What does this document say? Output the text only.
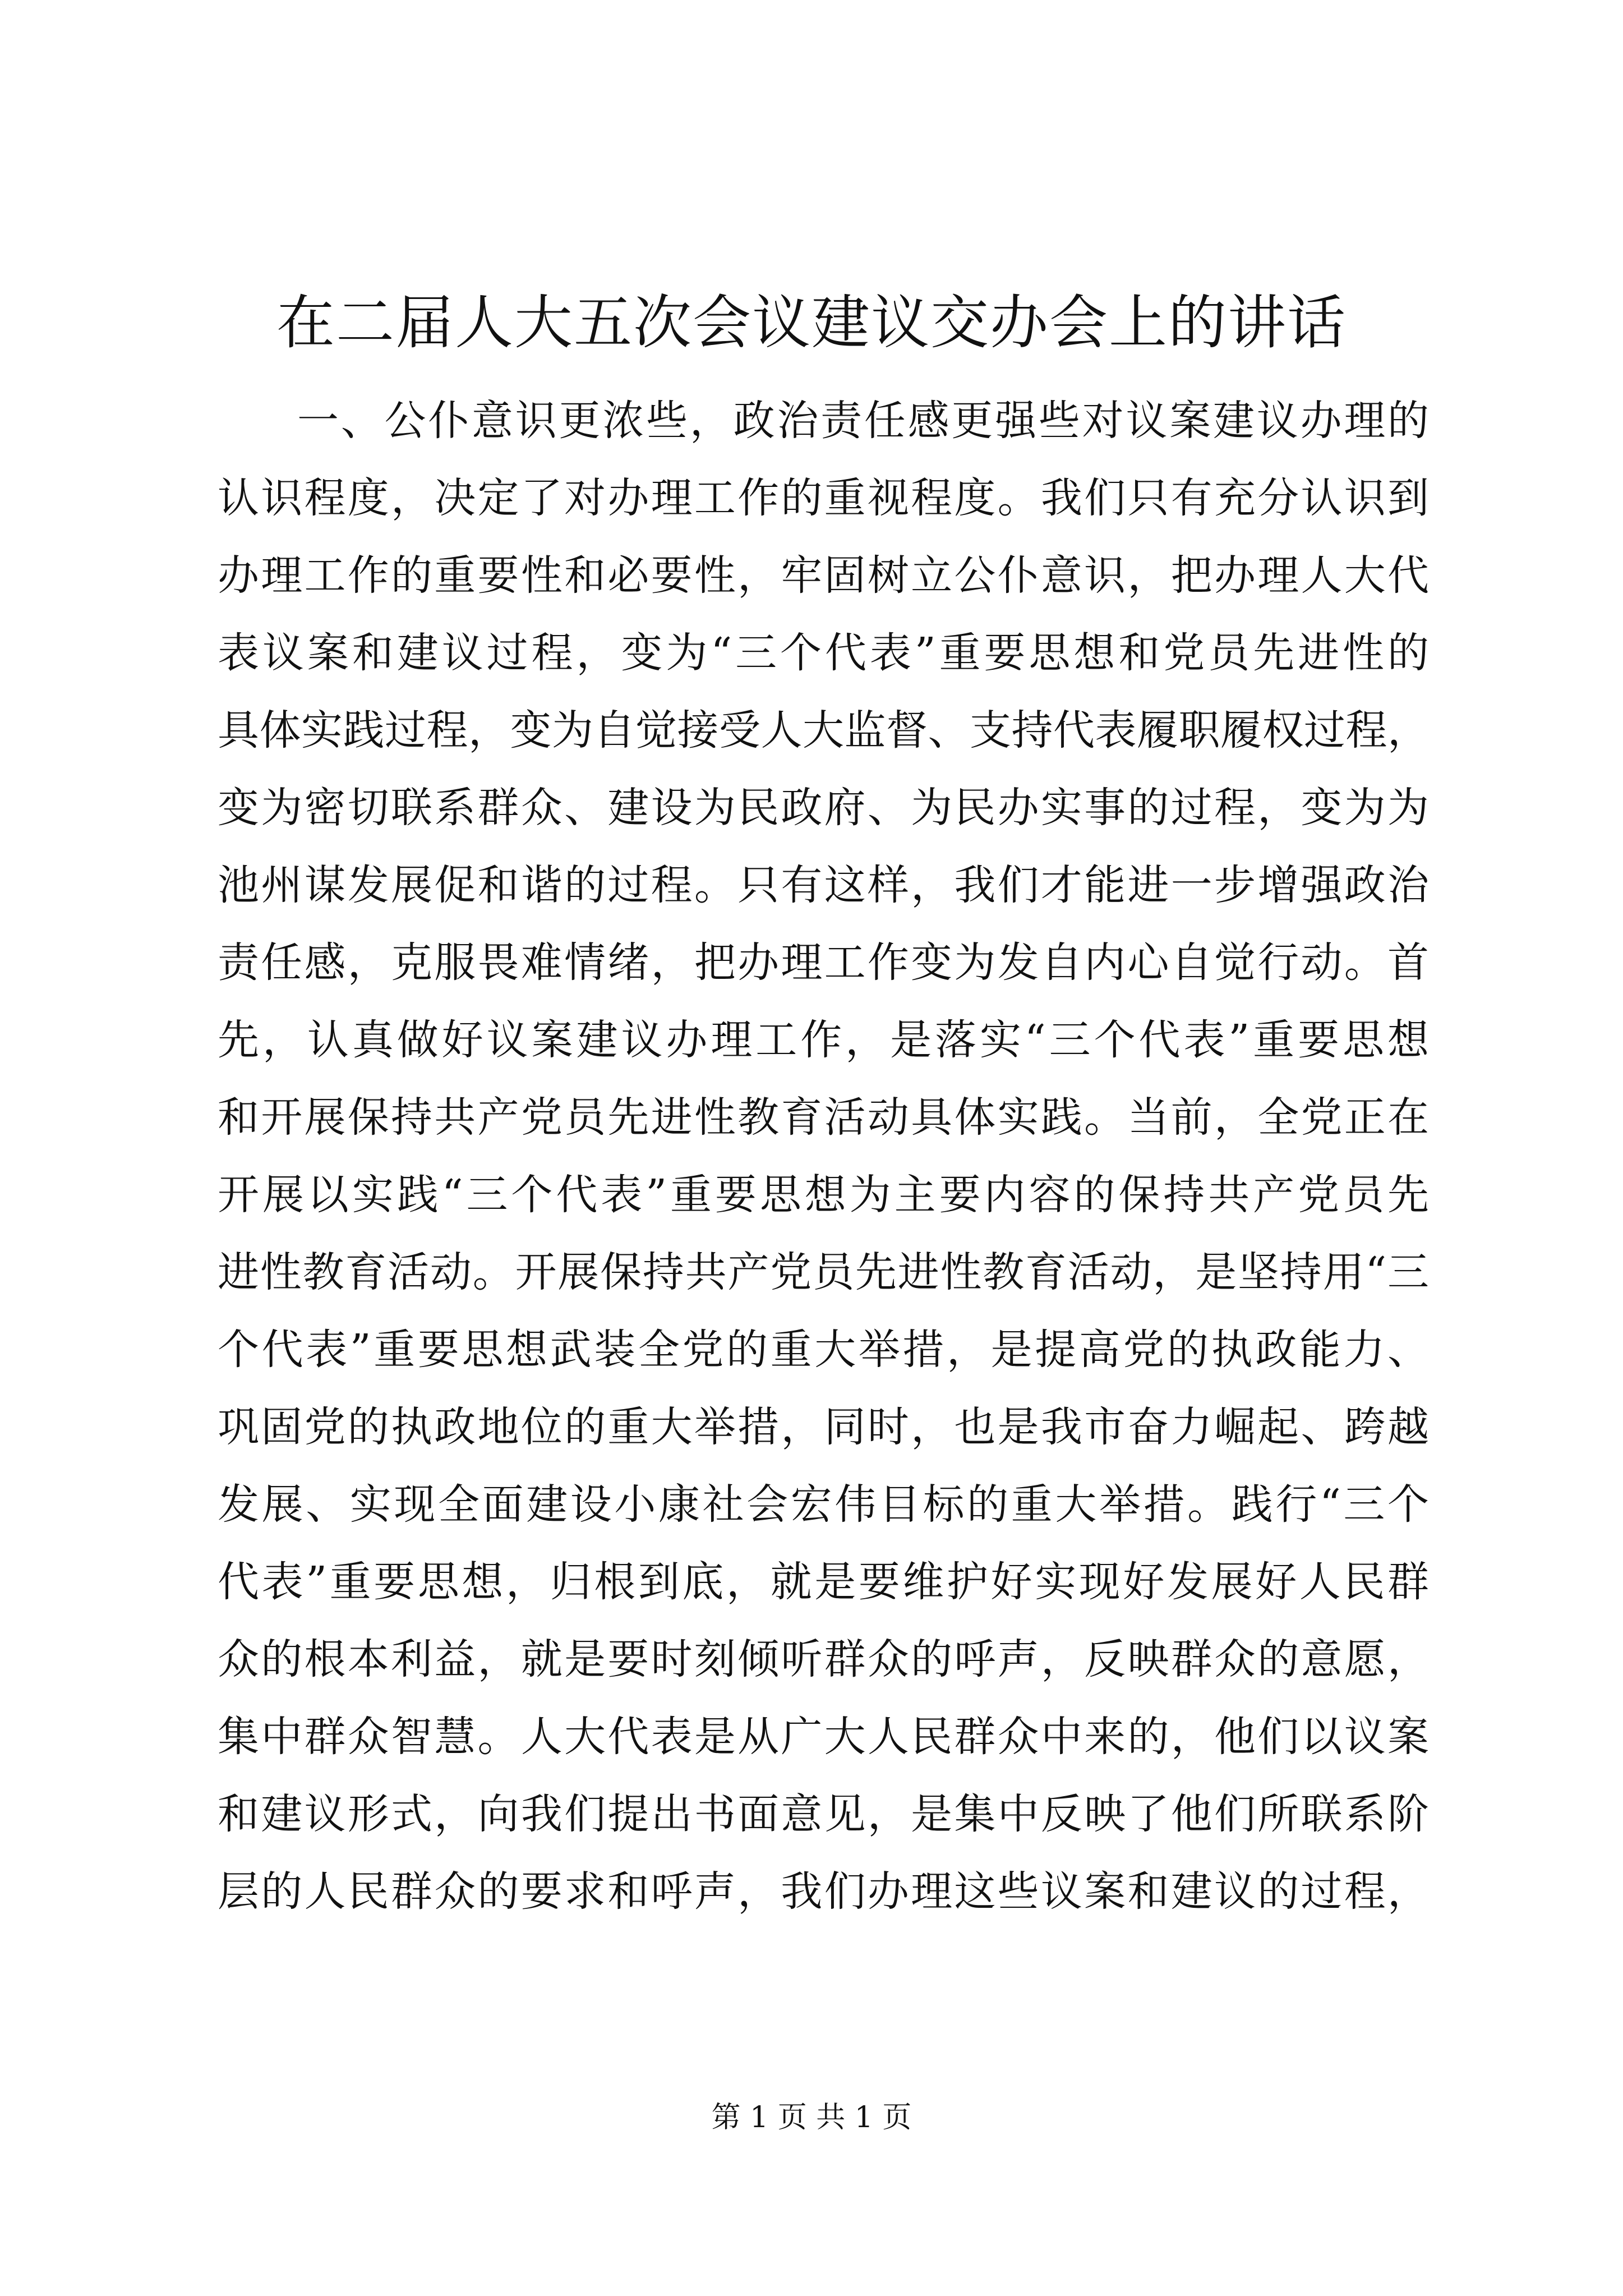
在二届人大五次会议建议交办会上的讲话

一、公仆意识更浓些，政治责任感更强些对议案建议办理的

认识程度，决定了对办理工作的重视程度。我们只有充分认识到

办理工作的重要性和必要性，牢固树立公仆意识，把办理人大代

表议案和建议过程，变为“三个代表”重要思想和党员先进性的

具体实践过程，变为自觉接受人大监督、支持代表履职履权过程，

变为密切联系群众、建设为民政府、为民办实事的过程，变为为

池州谋发展促和谐的过程。只有这样，我们才能进一步增强政治

责任感，克服畏难情绪，把办理工作变为发自内心自觉行动。首

先，认真做好议案建议办理工作，是落实“三个代表”重要思想

和开展保持共产党员先进性教育活动具体实践。当前，全党正在

开展以实践“三个代表”重要思想为主要内容的保持共产党员先

进性教育活动。开展保持共产党员先进性教育活动，是坚持用“三

个代表”重要思想武装全党的重大举措，是提高党的执政能力、

巩固党的执政地位的重大举措，同时，也是我市奋力崛起、跨越

发展、实现全面建设小康社会宏伟目标的重大举措。践行“三个

代表”重要思想，归根到底，就是要维护好实现好发展好人民群

众的根本利益，就是要时刻倾听群众的呼声，反映群众的意愿，

集中群众智慧。人大代表是从广大人民群众中来的，他们以议案

和建议形式，向我们提出书面意见，是集中反映了他们所联系阶

层的人民群众的要求和呼声，我们办理这些议案和建议的过程，

第 1 页 共 1 页
